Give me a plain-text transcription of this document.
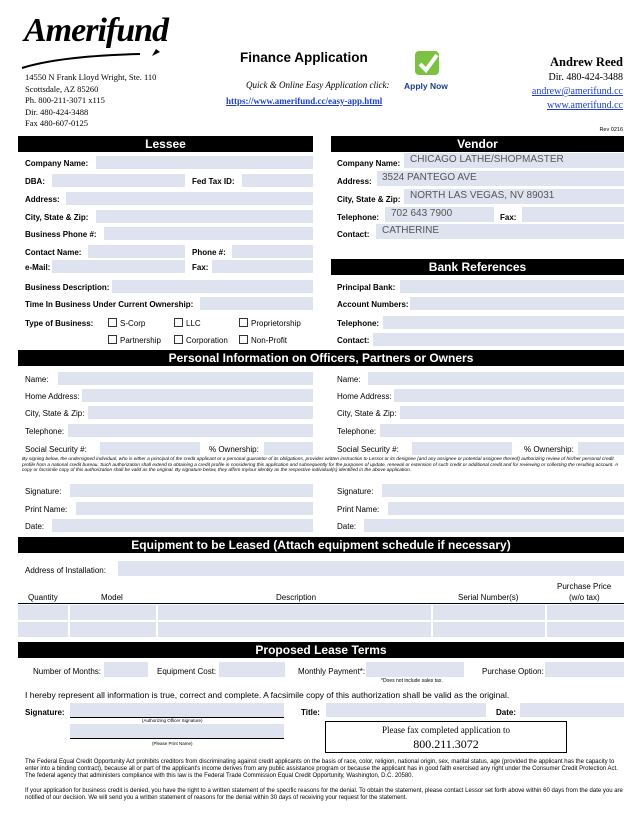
Amerifund
14550 N Frank Lloyd Wright, Ste. 110
Scottsdale, AZ 85260
Ph. 800-211-3071 x115
Dir. 480-424-3488
Fax 480-607-0125
Finance Application
Quick & Online Easy Application click: Apply Now
https://www.amerifund.cc/easy-app.html
Andrew Reed
Dir. 480-424-3488
andrew@amerifund.cc
www.amerifund.cc
Rev 0216
Lessee
Company Name:
DBA:	Fed Tax ID:
Address:
City, State & Zip:
Business Phone #:
Contact Name:	Phone #:
e-Mail:	Fax:
Business Description:
Time In Business Under Current Ownership:
Type of Business:	S-Corp	LLC	Proprietorship
Partnership	Corporation	Non-Profit
Vendor
Company Name: CHICAGO LATHE/SHOPMASTER
Address: 3524 PANTEGO AVE
City, State & Zip: NORTH LAS VEGAS, NV 89031
Telephone: 702 643 7900	Fax:
Contact: CATHERINE
Bank References
Principal Bank:
Account Numbers:
Telephone:
Contact:
Personal Information on Officers, Partners or Owners
Name:
Home Address:
City, State & Zip:
Telephone:
Social Security #:	% Ownership:
Name:
Home Address:
City, State & Zip:
Telephone:
Social Security #:	% Ownership:
By signing below, the undersigned individual, who is either a principal of the credit applicant or a personal guarantor of its obligations, provides written instruction to Lessor or its designee (and any assignee or potential assignee thereof) authorizing review of his/her personal credit profile from a national credit bureau. Such authorization shall extend to obtaining a credit profile in considering this application and subsequently for the purposes of update, renewal or extension of such credit or additional credit and for reviewing or collecting the resulting account. A copy or facsimile copy of this authorization shall be valid as the original. By signature below, they affirm my/our identity as the respective individual(s) identified in the above application.
Signature:
Print Name:
Date:
Signature:
Print Name:
Date:
Equipment to be Leased (Attach equipment schedule if necessary)
Address of Installation:
Quantity	Model	Description	Serial Number(s)
Purchase Price
(w/o tax)
Proposed Lease Terms
Number of Months:	Equipment Cost:	Monthly Payment*:
*Does not include sales tax.
Purchase Option:
I hereby represent all information is true, correct and complete. A facsimile copy of this authorization shall be valid as the original.
Signature:
(Authorizing Officer Signature)
(Please Print Name)
Title:	Date:
Please fax completed application to
800.211.3072
The Federal Equal Credit Opportunity Act prohibits creditors from discriminating against credit applicants on the basis of race, color, religion, national origin, sex, marital status, age (provided the applicant has the capacity to enter into a binding contract), because all or part of the applicant's income derives from any public assistance program or because the applicant has in good faith exercised any right under the Consumer Credit Protection Act. The federal agency that administers compliance with this law is the Federal Trade Commission Equal Credit Opportunity, Washington, D.C. 20580.
If your application for business credit is denied, you have the right to a written statement of the specific reasons for the denial. To obtain the statement, please contact Lessor set forth above within 60 days from the date you are notified of our decision. We will send you a written statement of reasons for the denial within 30 days of receiving your request for the statement.
